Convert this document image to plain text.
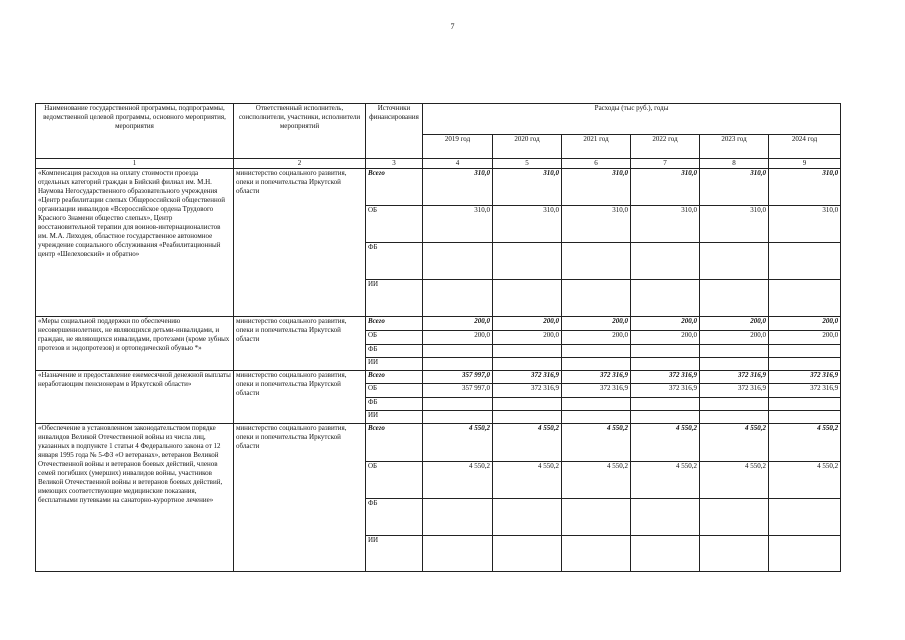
7
Наименование государственной программы, подпрограммы, ведомственной целевой программы, основного мероприятия, мероприятия	Ответственный исполнитель, соисполнители, участники, исполнители мероприятий	Источники финансирования	Расходы (тыс руб.), годы					
			2019 год	2020 год	2021 год	2022 год	2023 год	2024 год
1	2	3	4	5	6	7	8	9
«Компенсация расходов на оплату стоимости проезда отдельных категорий граждан в Бийский филиал им. М.Н. Наумова Негосударственного образовательного учреждения «Центр реабилитации слепых Общероссийской общественной организации инвалидов «Всероссийское ордена Трудового Красного Знамени общество слепых», Центр восстановительной терапии для воинов-интернационалистов им. М.А. Лиходея, областное государственное автономное учреждение социального обслуживания «Реабилитационный центр «Шелеховский» и обратно»	министерство социального развития, опеки и попечительства Иркутской области	Всего	310,0	310,0	310,0	310,0	310,0	310,0
		ОБ	310,0	310,0	310,0	310,0	310,0	310,0
		ФБ						
		ИИ						
«Меры социальной поддержки по обеспечению несовершеннолетних, не являющихся детьми-инвалидами, и граждан, не являющихся инвалидами, протезами (кроме зубных протезов и эндопротезов) и ортопедической обувью *»	министерство социального развития, опеки и попечительства Иркутской области	Всего	200,0	200,0	200,0	200,0	200,0	200,0
		ОБ	200,0	200,0	200,0	200,0	200,0	200,0
		ФБ						
		ИИ						
«Назначение и предоставление ежемесячной денежной выплаты неработающим пенсионерам в Иркутской области»	министерство социального развития, опеки и попечительства Иркутской области	Всего	357 997,0	372 316,9	372 316,9	372 316,9	372 316,9	372 316,9
		ОБ	357 997,0	372 316,9	372 316,9	372 316,9	372 316,9	372 316,9
		ФБ						
		ИИ						
«Обеспечение в установленном законодательством порядке инвалидов Великой Отечественной войны из числа лиц, указанных в подпункте 1 статьи 4 Федерального закона от 12 января 1995 года № 5-ФЗ «О ветеранах», ветеранов Великой Отечественной войны и ветеранов боевых действий, членов семей погибших (умерших) инвалидов войны, участников Великой Отечественной войны и ветеранов боевых действий, имеющих соответствующие медицинские показания, бесплатными путевками на санаторно-курортное лечение»	министерство социального развития, опеки и попечительства Иркутской области	Всего	4 550,2	4 550,2	4 550,2	4 550,2	4 550,2	4 550,2
		ОБ	4 550,2	4 550,2	4 550,2	4 550,2	4 550,2	4 550,2
		ФБ						
		ИИ						
